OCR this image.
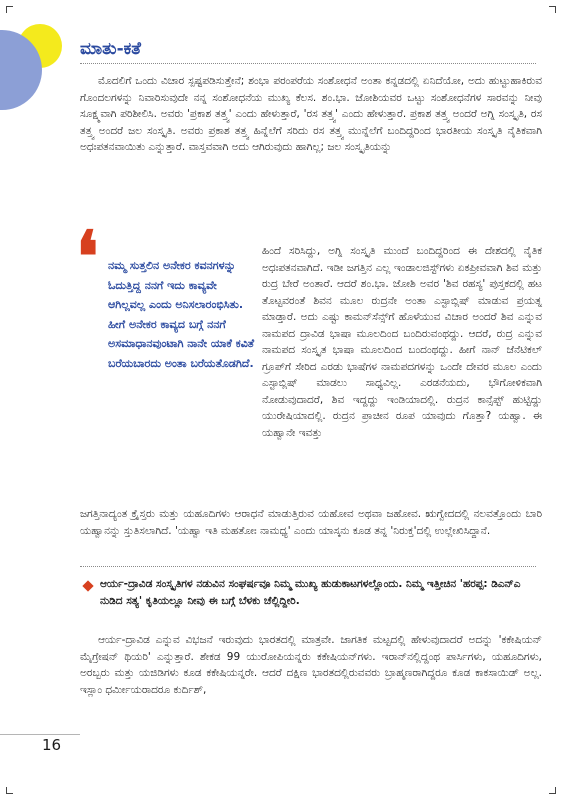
ಮಾತು-ಕತೆ

ಮೊದಲಿಗೆ ಒಂದು ವಿಚಾರ ಸ್ಪಷ್ಟಪಡಿಸುತ್ತೇನೆ; ಶಂಭಾ ಪರಂಪರೆಯ ಸಂಶೋಧನೆ ಅಂತಾ ಕನ್ನಡದಲ್ಲಿ ಏನಿದೆಯೋ, ಅದು ಹುಟ್ಟುಹಾಕಿರುವ ಗೊಂದಲಗಳನ್ನು ನಿವಾರಿಸುವುದೇ ನನ್ನ ಸಂಶೋಧನೆಯ ಮುಖ್ಯ ಕೆಲಸ. ಶಂ.ಭಾ. ಜೋಶಿಯವರ ಒಟ್ಟು ಸಂಶೋಧನೆಗಳ ಸಾರವನ್ನು ನೀವು ಸೂಕ್ಷ್ಮವಾಗಿ ಪರಿಶೀಲಿಸಿ. ಅವರು 'ಪ್ರಕಾಶ ತತ್ತ್ವ' ಎಂದು ಹೇಳುತ್ತಾರೆ, 'ರಸ ತತ್ತ್ವ' ಎಂದು ಹೇಳುತ್ತಾರೆ. ಪ್ರಕಾಶ ತತ್ತ್ವ ಅಂದರೆ ಅಗ್ನಿ ಸಂಸ್ಕೃತಿ, ರಸ ತತ್ತ್ವ ಅಂದರೆ ಜಲ ಸಂಸ್ಕೃತಿ. ಅವರು ಪ್ರಕಾಶ ತತ್ತ್ವ ಹಿನ್ನೆಲೆಗೆ ಸರಿದು ರಸ ತತ್ತ್ವ ಮುನ್ನೆಲೆಗೆ ಬಂದಿದ್ದರಿಂದ ಭಾರತೀಯ ಸಂಸ್ಕೃತಿ ನೈತಿಕವಾಗಿ ಅಧಃಪತನವಾಯಿತು ಎನ್ನುತ್ತಾರೆ. ವಾಸ್ತವವಾಗಿ ಅದು ಆಗಿರುವುದು ಹಾಗಿಲ್ಲ; ಜಲ ಸಂಸ್ಕೃತಿಯನ್ನು

❛ ನಮ್ಮ ಸುತ್ತಲಿನ ಅನೇಕರ ಕವನಗಳನ್ನು ಓದುತ್ತಿದ್ದ ನನಗೆ ಇದು ಕಾವ್ಯವೇ ಆಗಿಲ್ಲವಲ್ಲ ಎಂದು ಅನಿಸಲಾರಂಭಿಸಿತು. ಹೀಗೆ ಅನೇಕರ ಕಾವ್ಯದ ಬಗ್ಗೆ ನನಗೆ ಅಸಮಾಧಾನವುಂಟಾಗಿ ನಾನೇ ಯಾಕೆ ಕವಿತೆ ಬರೆಯಬಾರದು ಅಂತಾ ಬರೆಯತೊಡಗಿದೆ.

ಹಿಂದೆ ಸರಿಸಿದ್ದು, ಅಗ್ನಿ ಸಂಸ್ಕೃತಿ ಮುಂದೆ ಬಂದಿದ್ದರಿಂದ ಈ ದೇಶದಲ್ಲಿ ನೈತಿಕ ಅಧಃಪತನವಾಗಿದೆ. ಇಡೀ ಜಗತ್ತಿನ ಎಲ್ಲ ಇಂಡಾಲಜಿಸ್ಟ್‌ಗಳು ಏಕಪ್ರೀವವಾಗಿ ಶಿವ ಮತ್ತು ರುದ್ರ ಬೇರೆ ಅಂತಾರೆ. ಆದರೆ ಶಂ.ಭಾ. ಜೋಶಿ ಅವರ 'ಶಿವ ರಹಸ್ಯ' ಪುಸ್ತಕದಲ್ಲಿ ಹಟ ತೊಟ್ಟವರಂತೆ ಶಿವನ ಮೂಲ ರುದ್ರನೇ ಅಂತಾ ಎಸ್ಟಾಬ್ಲಿಷ್ ಮಾಡುವ ಪ್ರಯತ್ನ ಮಾಡ್ತಾರೆ. ಅದು ಎಷ್ಟು ಕಾಮನ್‌ಸೆನ್ಸ್‌ಗೆ ಹೊಳೆಯುವ ವಿಚಾರ ಅಂದರೆ ಶಿವ ಎನ್ನುವ ನಾಮಪದ ದ್ರಾವಿಡ ಭಾಷಾ ಮೂಲದಿಂದ ಬಂದಿರುವಂಥದ್ದು. ಆದರೆ, ರುದ್ರ ಎನ್ನುವ ನಾಮಪದ ಸಂಸ್ಕೃತ ಭಾಷಾ ಮೂಲದಿಂದ ಬಂದಂಥದ್ದು. ಹೀಗೆ ನಾನ್ ಜೆನೆಟಿಕಲ್ ಗ್ರೂಪ್‌ಗೆ ಸೇರಿದ ಎರಡು ಭಾಷೆಗಳ ನಾಮಪದಗಳನ್ನು ಒಂದೇ ದೇವರ ಮೂಲ ಎಂದು ಎಸ್ಟಾಬ್ಲಿಷ್ ಮಾಡಲು ಸಾಧ್ಯವಿಲ್ಲ. ಎರಡನೆಯದು, ಭೌಗೋಳಿಕವಾಗಿ ನೋಡುವುದಾದರೆ, ಶಿವ ಇದ್ದದ್ದು ಇಂಡಿಯಾದಲ್ಲಿ. ರುದ್ರನ ಕಾನ್ಸೆಪ್ಟ್ ಹುಟ್ಟಿದ್ದು ಯುರೇಷಿಯಾದಲ್ಲಿ. ರುದ್ರನ ಪ್ರಾಚೀನ ರೂಪ ಯಾವುದು ಗೊತ್ತಾ? ಯಹ್ವಾ. ಈ ಯಹ್ವಾನೇ ಇವತ್ತು

ಜಗತ್ತಿನಾದ್ಯಂತ ಕ್ರೈಸ್ತರು ಮತ್ತು ಯಹೂದಿಗಳು ಆರಾಧನೆ ಮಾಡುತ್ತಿರುವ ಯಹೋವ ಅಥವಾ ಜಹೋವ. ಋಗ್ವೇದದಲ್ಲಿ ನಲವತ್ತೊಂದು ಬಾರಿ ಯಹ್ವಾನನ್ನು ಸ್ತುತಿಸಲಾಗಿದೆ. 'ಯಹ್ವಾ ಇತಿ ಮಹತೋಃ ನಾಮಧ್ಯ' ಎಂದು ಯಾಸ್ಕನು ಕೂಡ ತನ್ನ 'ನಿರುಕ್ತ'ದಲ್ಲಿ ಉಲ್ಲೇಖಿಸಿದ್ದಾನೆ.

ಆರ್ಯ-ದ್ರಾವಿಡ ಸಂಸ್ಕೃತಿಗಳ ನಡುವಿನ ಸಂಘರ್ಷವೂ ನಿಮ್ಮ ಮುಖ್ಯ ಹುಡುಕಾಟಗಳಲ್ಲೊಂದು. ನಿಮ್ಮ ಇತ್ತೀಚಿನ 'ಹರಪ್ಪ: ಡಿಎನ್‌ಎ ನುಡಿದ ಸತ್ಯ' ಕೃತಿಯಲ್ಲೂ ನೀವು ಈ ಬಗ್ಗೆ ಬೆಳಕು ಚೆಲ್ಲಿದ್ದೀರಿ.

ಆರ್ಯ-ದ್ರಾವಿಡ ಎನ್ನುವ ವಿಭಜನೆ ಇರುವುದು ಭಾರತದಲ್ಲಿ ಮಾತ್ರವೇ. ಜಾಗತಿಕ ಮಟ್ಟದಲ್ಲಿ ಹೇಳುವುದಾದರೆ ಅದನ್ನು 'ಕಕೇಷಿಯನ್ ಮೈಗ್ರೇಷನ್ ಥಿಯರಿ' ಎನ್ನುತ್ತಾರೆ. ಶೇಕಡ 99 ಯುರೋಪಿಯನ್ನರು ಕಕೇಷಿಯನ್‌ಗಳು. ಇರಾನ್‌ನಲ್ಲಿದ್ದಂಥ ಪಾರ್ಸಿಗಳು, ಯಹೂದಿಗಳು, ಅರಬ್ಬರು ಮತ್ತು ಯಜಿಡಿಗಳು ಕೂಡ ಕಕೇಷಿಯನ್ನರೇ. ಆದರೆ ದಕ್ಷಿಣ ಭಾರತದಲ್ಲಿರುವವರು ಬ್ರಾಹ್ಮಣರಾಗಿದ್ದರೂ ಕೂಡ ಕಾಕಸಾಯಿಡ್ ಅಲ್ಲ. ಇಸ್ಲಾಂ ಧರ್ಮೀಯರಾದರೂ ಕುರ್ದಿಶ್,

16
